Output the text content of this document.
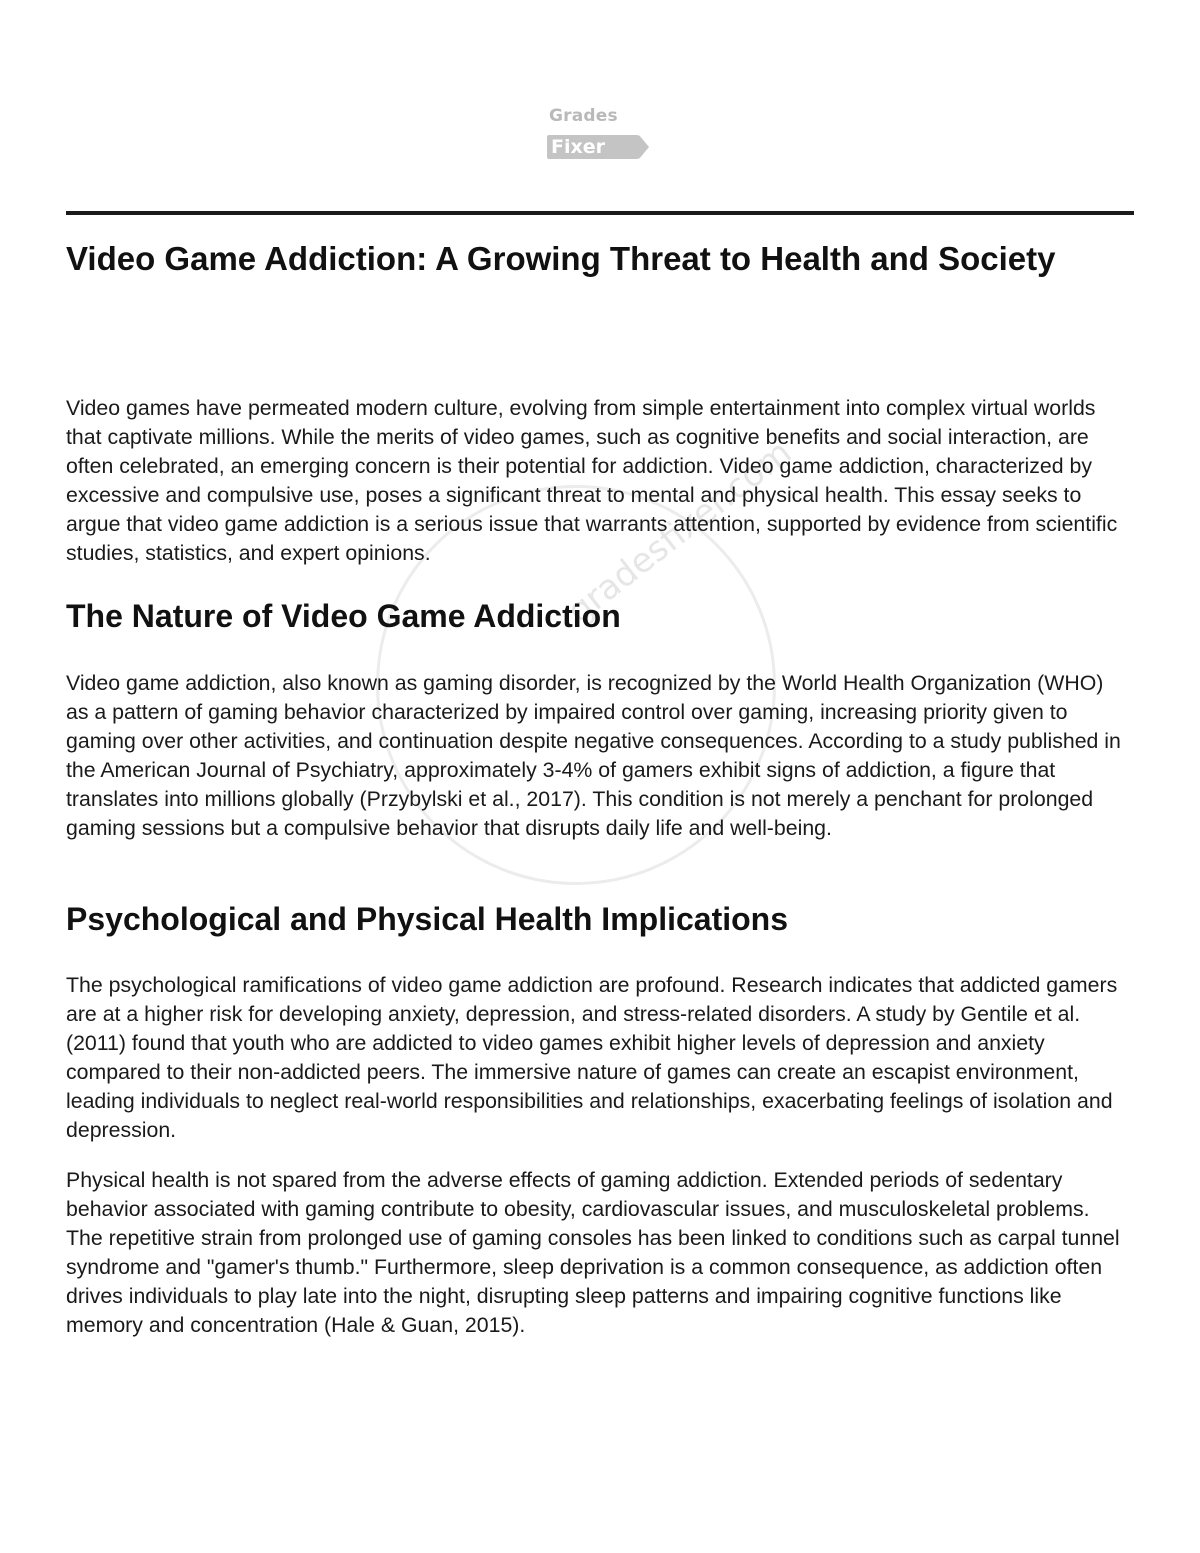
Grades
Fixer
gradesfixer.com
Video Game Addiction: A Growing Threat to Health and Society

Video games have permeated modern culture, evolving from simple entertainment into complex virtual worlds that captivate millions. While the merits of video games, such as cognitive benefits and social interaction, are often celebrated, an emerging concern is their potential for addiction. Video game addiction, characterized by excessive and compulsive use, poses a significant threat to mental and physical health. This essay seeks to argue that video game addiction is a serious issue that warrants attention, supported by evidence from scientific studies, statistics, and expert opinions.

The Nature of Video Game Addiction

Video game addiction, also known as gaming disorder, is recognized by the World Health Organization (WHO) as a pattern of gaming behavior characterized by impaired control over gaming, increasing priority given to gaming over other activities, and continuation despite negative consequences. According to a study published in the American Journal of Psychiatry, approximately 3-4% of gamers exhibit signs of addiction, a figure that translates into millions globally (Przybylski et al., 2017). This condition is not merely a penchant for prolonged gaming sessions but a compulsive behavior that disrupts daily life and well-being.

Psychological and Physical Health Implications

The psychological ramifications of video game addiction are profound. Research indicates that addicted gamers are at a higher risk for developing anxiety, depression, and stress-related disorders. A study by Gentile et al. (2011) found that youth who are addicted to video games exhibit higher levels of depression and anxiety compared to their non-addicted peers. The immersive nature of games can create an escapist environment, leading individuals to neglect real-world responsibilities and relationships, exacerbating feelings of isolation and depression.

Physical health is not spared from the adverse effects of gaming addiction. Extended periods of sedentary behavior associated with gaming contribute to obesity, cardiovascular issues, and musculoskeletal problems. The repetitive strain from prolonged use of gaming consoles has been linked to conditions such as carpal tunnel syndrome and "gamer's thumb." Furthermore, sleep deprivation is a common consequence, as addiction often drives individuals to play late into the night, disrupting sleep patterns and impairing cognitive functions like memory and concentration (Hale & Guan, 2015).
